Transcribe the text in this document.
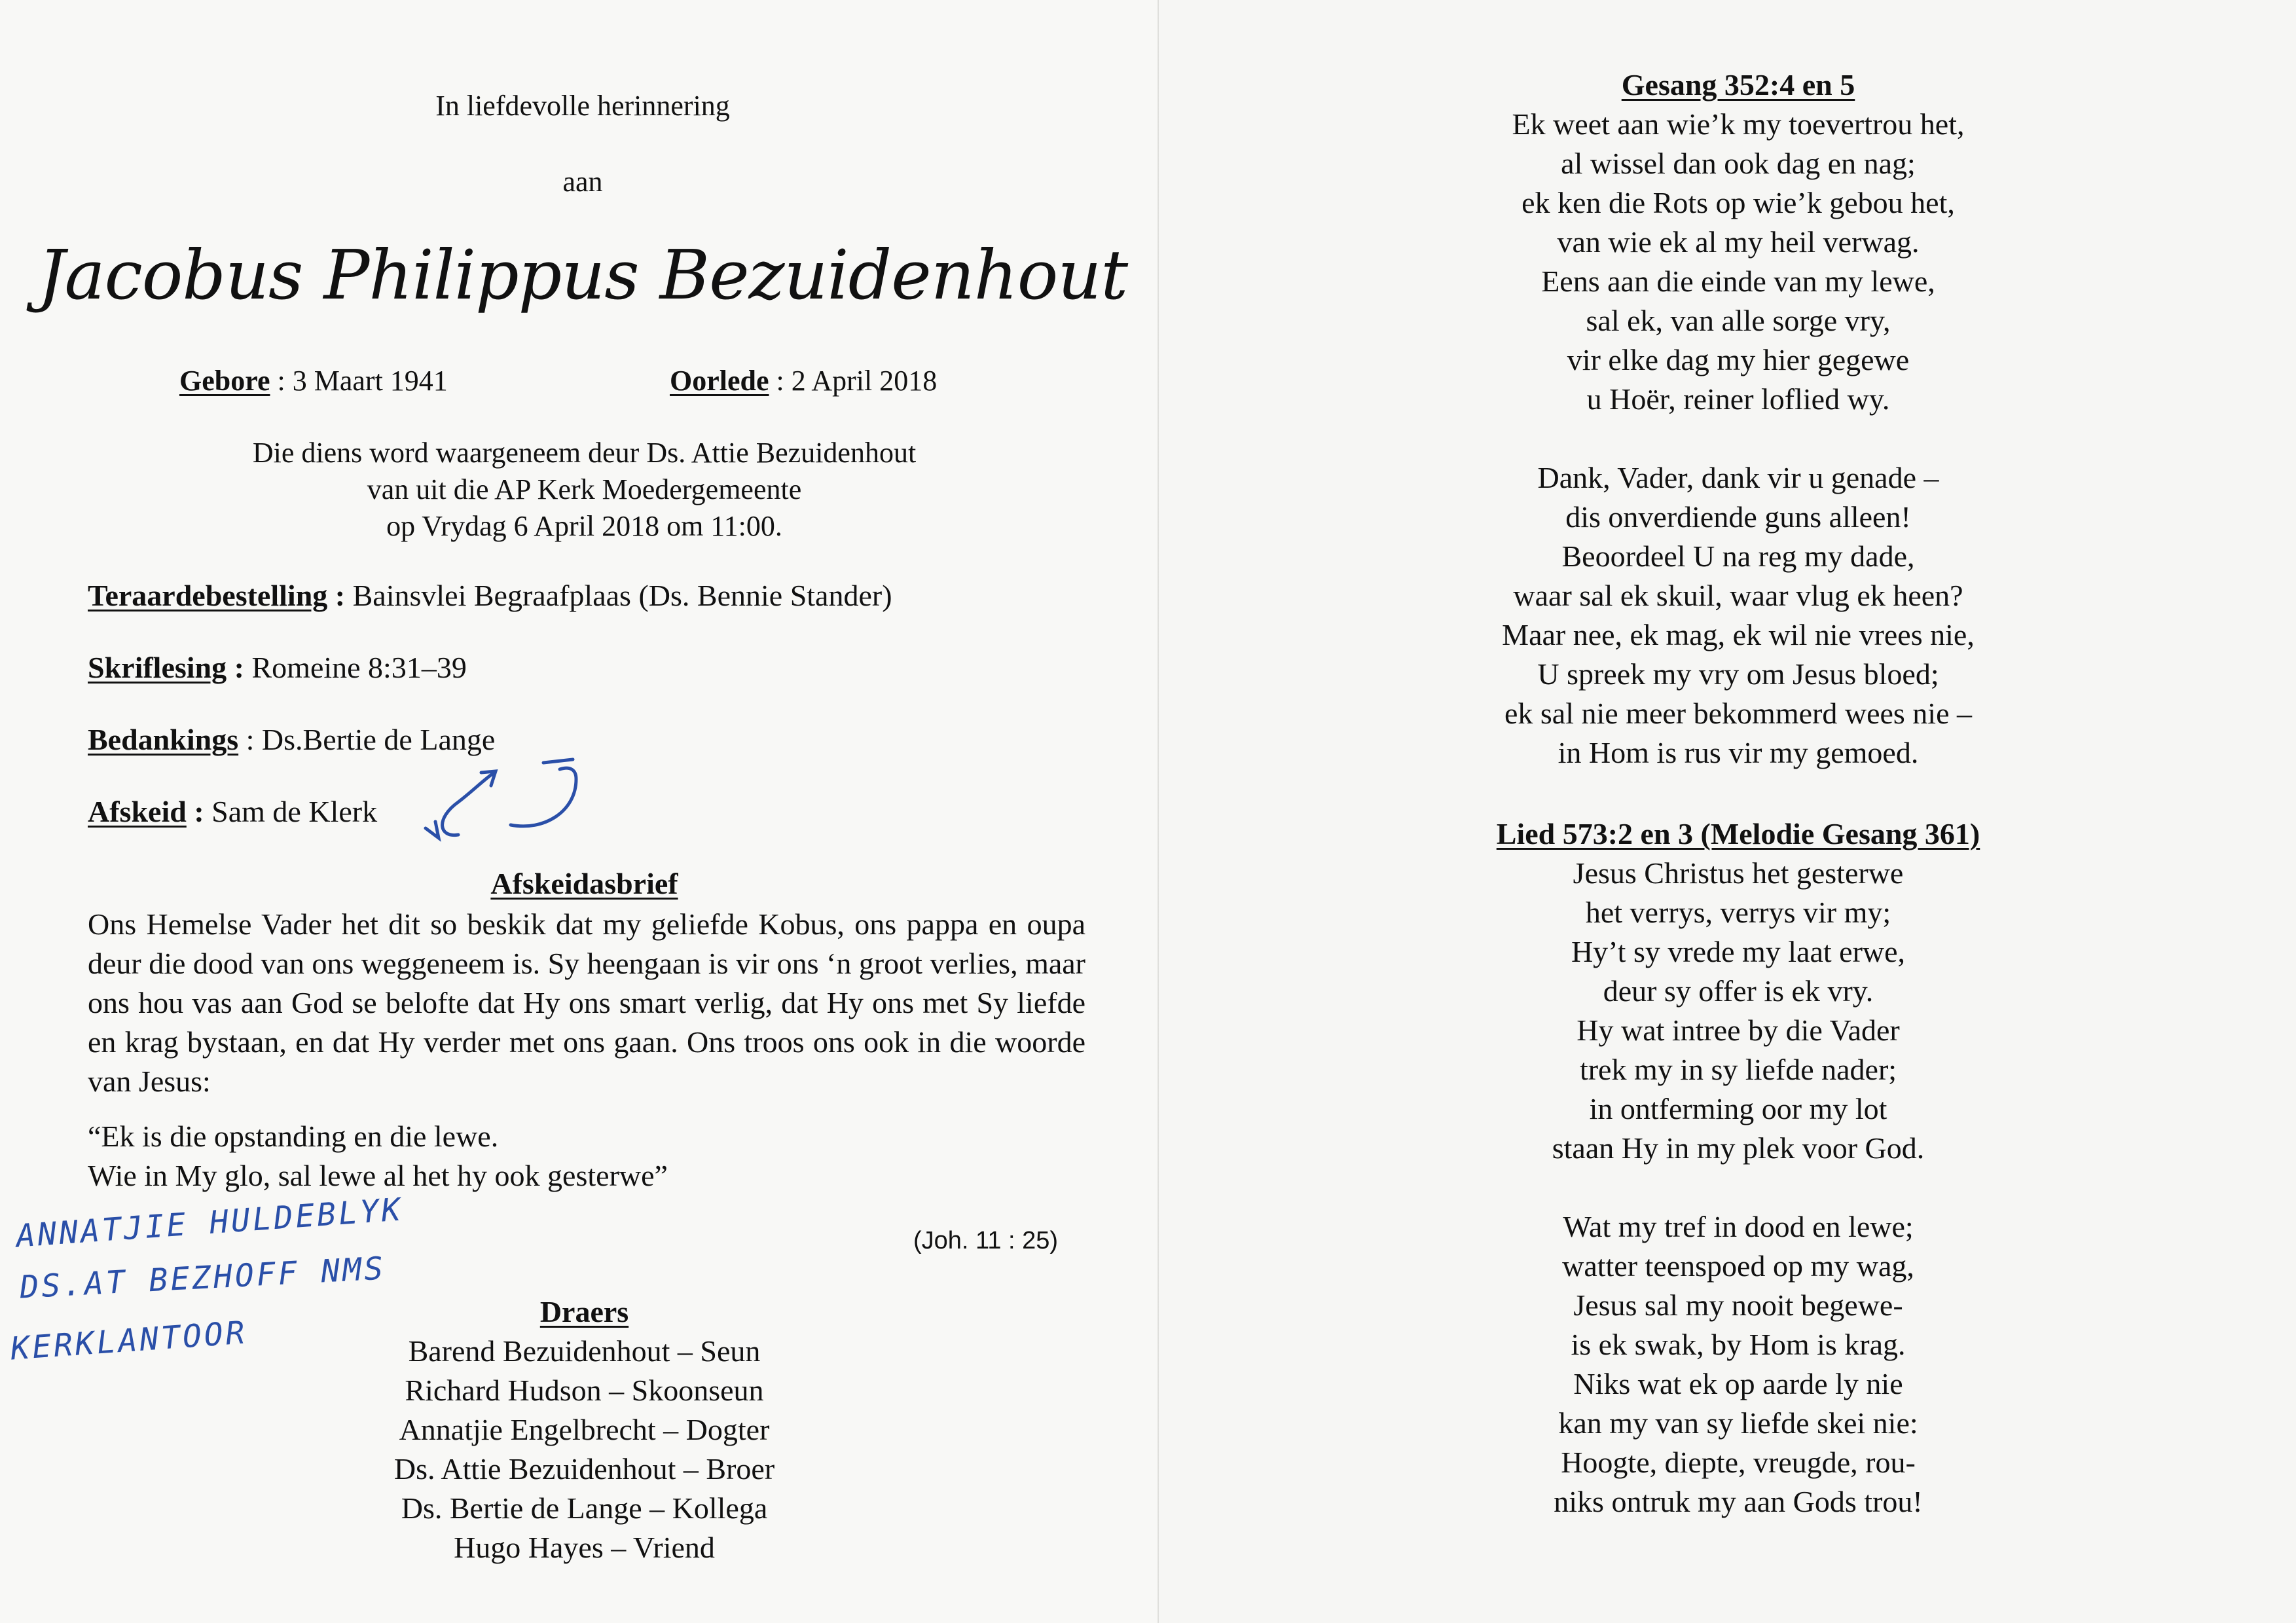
In liefdevolle herinnering
aan
Jacobus Philippus Bezuidenhout
Gebore : 3 Maart 1941	Oorlede : 2 April 2018
Die diens word waargeneem deur Ds. Attie Bezuidenhout
van uit die AP Kerk Moedergemeente
op Vrydag 6 April 2018 om 11:00.
Teraardebestelling : Bainsvlei Begraafplaas (Ds. Bennie Stander)
Skriflesing : Romeine 8:31–39
Bedankings : Ds.Bertie de Lange
Afskeid : Sam de Klerk
Afskeidasbrief
Ons Hemelse Vader het dit so beskik dat my geliefde Kobus, ons pappa en oupa deur die dood van ons weggeneem is. Sy heengaan is vir ons ‘n groot verlies, maar ons hou vas aan God se belofte dat Hy ons smart verlig, dat Hy ons met Sy liefde en krag bystaan, en dat Hy verder met ons gaan. Ons troos ons ook in die woorde van Jesus:
“Ek is die opstanding en die lewe.
Wie in My glo, sal lewe al het hy ook gesterwe”
(Joh. 11 : 25)
ANNATJIE HULDEBLYK
DS.AT BEZHOFF NMS
KERKLANTOOR
Draers
Barend Bezuidenhout – Seun
Richard Hudson – Skoonseun
Annatjie Engelbrecht – Dogter
Ds. Attie Bezuidenhout – Broer
Ds. Bertie de Lange – Kollega
Hugo Hayes – Vriend
Gesang 352:4 en 5
Ek weet aan wie’k my toevertrou het,
al wissel dan ook dag en nag;
ek ken die Rots op wie’k gebou het,
van wie ek al my heil verwag.
Eens aan die einde van my lewe,
sal ek, van alle sorge vry,
vir elke dag my hier gegewe
u Hoër, reiner loflied wy.
Dank, Vader, dank vir u genade –
dis onverdiende guns alleen!
Beoordeel U na reg my dade,
waar sal ek skuil, waar vlug ek heen?
Maar nee, ek mag, ek wil nie vrees nie,
U spreek my vry om Jesus bloed;
ek sal nie meer bekommerd wees nie –
in Hom is rus vir my gemoed.
Lied 573:2 en 3 (Melodie Gesang 361)
Jesus Christus het gesterwe
het verrys, verrys vir my;
Hy’t sy vrede my laat erwe,
deur sy offer is ek vry.
Hy wat intree by die Vader
trek my in sy liefde nader;
in ontferming oor my lot
staan Hy in my plek voor God.
Wat my tref in dood en lewe;
watter teenspoed op my wag,
Jesus sal my nooit begewe-
is ek swak, by Hom is krag.
Niks wat ek op aarde ly nie
kan my van sy liefde skei nie:
Hoogte, diepte, vreugde, rou-
niks ontruk my aan Gods trou!
